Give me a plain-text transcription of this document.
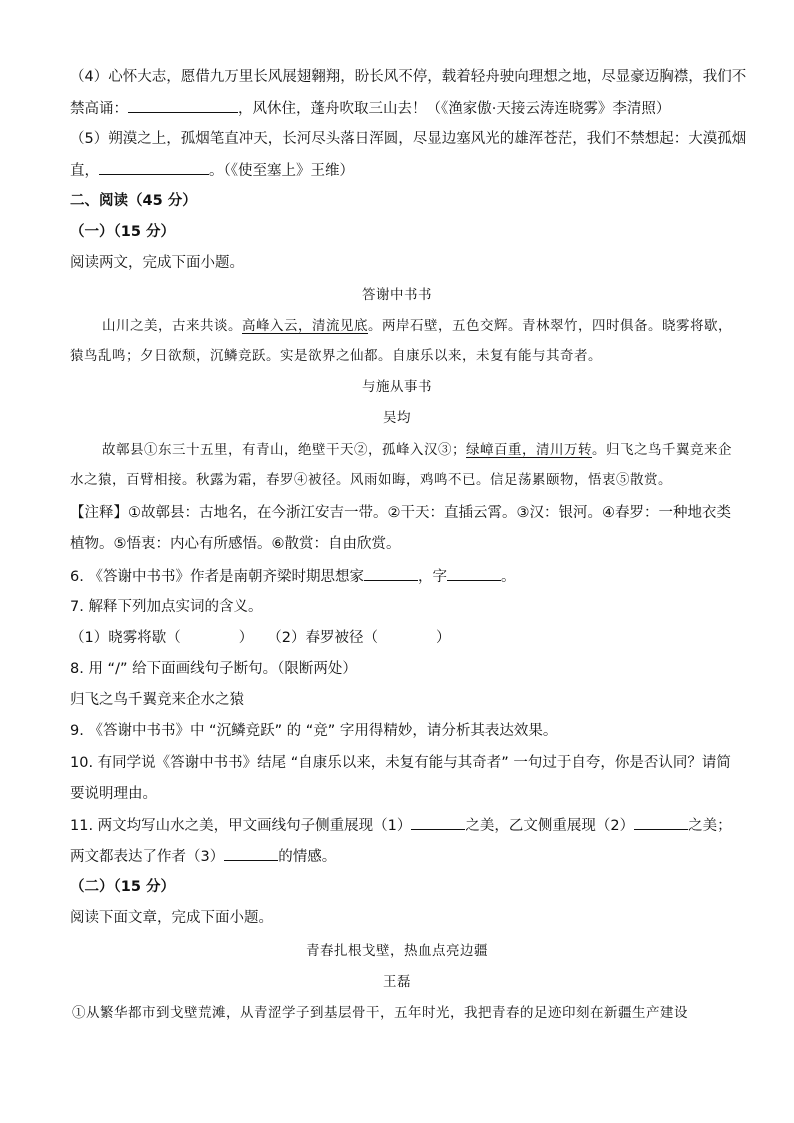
（4）心怀大志，愿借九万里长风展翅翱翔，盼长风不停，载着轻舟驶向理想之地，尽显豪迈胸襟，我们不
禁高诵：	，风休住，蓬舟吹取三山去！（《渔家傲·天接云涛连晓雾》李清照）
（5）朔漠之上，孤烟笔直冲天，长河尽头落日浑圆，尽显边塞风光的雄浑苍茫，我们不禁想起：大漠孤烟
直，	。（《使至塞上》王维）
二、阅读（45 分）
（一）（15 分）
阅读两文，完成下面小题。
答谢中书书
山川之美，古来共谈。高峰入云，清流见底。两岸石壁，五色交辉。青林翠竹，四时俱备。晓雾将歇，
猿鸟乱鸣；夕日欲颓，沉鳞竞跃。实是欲界之仙都。自康乐以来，未复有能与其奇者。
与施从事书
吴均
故鄣县①东三十五里，有青山，绝壁干天②，孤峰入汉③；绿嶂百重，清川万转。归飞之鸟千翼竞来企
水之猿，百臂相接。秋露为霜，春罗④被径。风雨如晦，鸡鸣不已。信足荡累颐物，悟衷⑤散赏。
【注释】①故鄣县：古地名，在今浙江安吉一带。②干天：直插云霄。③汉：银河。④春罗：一种地衣类
植物。⑤悟衷：内心有所感悟。⑥散赏：自由欣赏。
6. 《答谢中书书》作者是南朝齐梁时期思想家	，字	。
7. 解释下列加点实词的含义。
（1）晓雾将歇（	） （2）春罗被径（	）
8. 用 “/” 给下面画线句子断句。（限断两处）
归飞之鸟千翼竞来企水之猿
9. 《答谢中书书》中 “沉鳞竞跃” 的 “竞” 字用得精妙，请分析其表达效果。
10. 有同学说《答谢中书书》结尾 “自康乐以来，未复有能与其奇者” 一句过于自夸，你是否认同？请简
要说明理由。
11. 两文均写山水之美，甲文画线句子侧重展现（1）	之美，乙文侧重展现（2）	之美；
两文都表达了作者（3）	的情感。
（二）（15 分）
阅读下面文章，完成下面小题。
青春扎根戈壁，热血点亮边疆
王磊
①从繁华都市到戈壁荒滩，从青涩学子到基层骨干，五年时光，我把青春的足迹印刻在新疆生产建设
